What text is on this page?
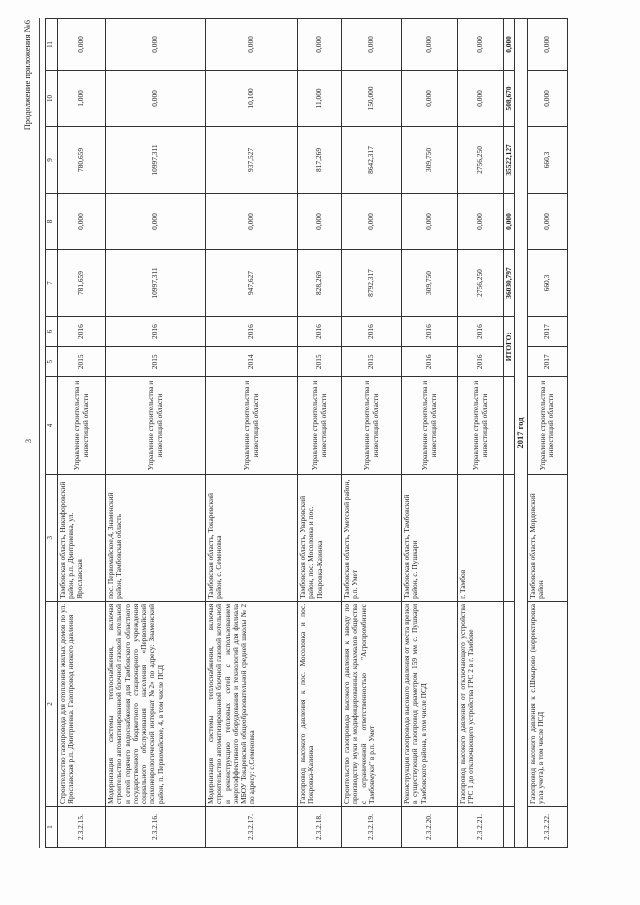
3
Продолжение приложения №6
1	2	3	4	5	6	7	8	9	10	11
2.3.2.15.	Строительство газопровода для отопления жилых домов по ул. Ярославская р.п. Дмитриевка. Газопровод низкого давления	Тамбовская область, Никифоровский район, р.п. Дмитриевка, ул. Ярославская	Управление строительства и инвестиций области	2015	2016	781,659	0,000	780,659	1,000	0,000
2.3.2.16.	Модернизация системы теплоснабжения, включая строительство автоматизированной блочной газовой котельной и сетей горячего водоснабжения для Тамбовского областного государственного бюджетного стационарного учреждения социального обслуживания населения «Первомайский психоневрологический интернат №2» по адресу: Знаменский район, п. Первомайское, 4, в том числе ПСД	пос. Первомайское,4, Знаменский район, Тамбовская область	Управление строительства и инвестиций области	2015	2016	10997,311	0,000	10997,311	0,000	0,000
2.3.2.17.	Модернизация системы теплоснабжения, включая строительство автоматизированной блочной газовой котельной и реконструкцию тепловых сетей с использованием энергоэффективного оборудования и технологий для филиала МБОУ Токаревской общеобразовательной средней школы № 2 по адресу: с.Семеновка	Тамбовская область, Токаревский район, с. Семеновка	Управление строительства и инвестиций области	2014	2016	947,627	0,000	937,527	10,100	0,000
2.3.2.18.	Газопровод высокого давления к пос. Мосоловка и пос. Покровка-Казинка	Тамбовская область, Уваровский район, пос. Мосоловка и пос. Покровка-Казинка	Управление строительства и инвестиций области	2015	2016	828,269	0,000	817,269	11,000	0,000
2.3.2.19.	Строительство газопровода высокого давления к заводу по производству муки и модифицированных крахмалов общества с ограниченной ответственностью "Агропромбизнес Тамбовмуки" в р.п. Умет	Тамбовская область, Уметский район, р.п. Умет	Управление строительства и инвестиций области	2015	2016	8792,317	0,000	8642,317	150,000	0,000
2.3.2.20.	Реконструкция газопровода высокого давления от места врезки в существующий газопровод диаметром 159 мм с. Пушкари Тамбовского района, в том числе ПСД	Тамбовская область, Тамбовский район, с. Пушкари	Управление строительства и инвестиций области	2016	2016	309,750	0,000	309,750	0,000	0,000
2.3.2.21.	Газопровод высокого давления от отключающего устройства ГРС 1 до отключающего устройства ГРС 2 в г. Тамбове	г. Тамбов	Управление строительства и инвестиций области	2016	2016	2756,250	0,000	2756,250	0,000	0,000
				ИТОГО:		36030,797	0,000	35522,127	508,670	0,000
2017 год										
2.3.2.22.	Газопровод высокого давления к с.Шмырово (корректировка узла учета), в том числе ПСД	Тамбовская область, Мордовский район	Управление строительства и инвестиций области	2017	2017	660,3	0,000	660,3	0,000	0,000
